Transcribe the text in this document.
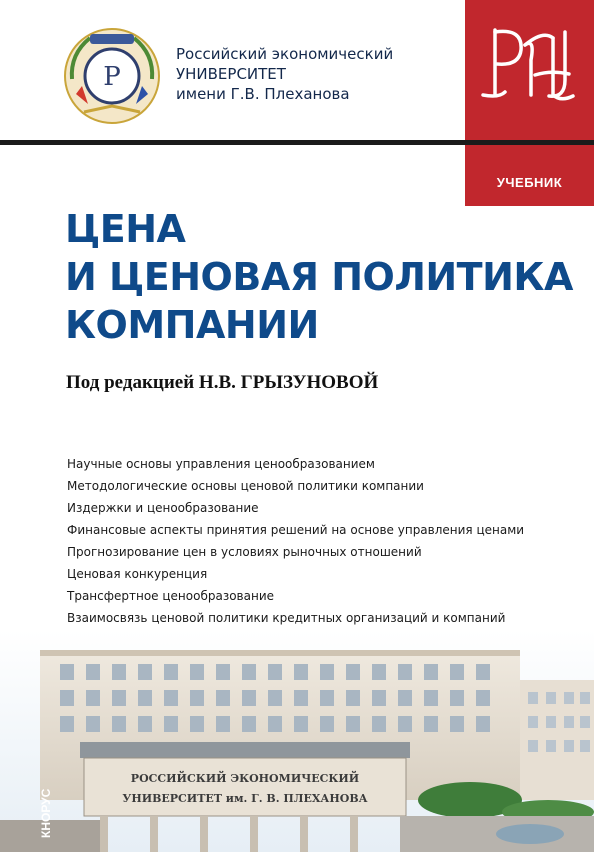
Р
Российский экономический
УНИВЕРСИТЕТ
имени Г.В. Плеханова
УЧЕБНИК
ЦЕНА
И ЦЕНОВАЯ ПОЛИТИКА
КОМПАНИИ
Под редакцией Н.В. ГРЫЗУНОВОЙ
Научные основы управления ценообразованием
Методологические основы ценовой политики компании
Издержки и ценообразование
Финансовые аспекты принятия решений на основе управления ценами
Прогнозирование цен в условиях рыночных отношений
Ценовая конкуренция
Трансфертное ценообразование
Взаимосвязь ценовой политики кредитных организаций и компаний
РОССИЙСКИЙ ЭКОНОМИЧЕСКИЙ
УНИВЕРСИТЕТ им. Г. В. ПЛЕХАНОВА
КНОРУС
